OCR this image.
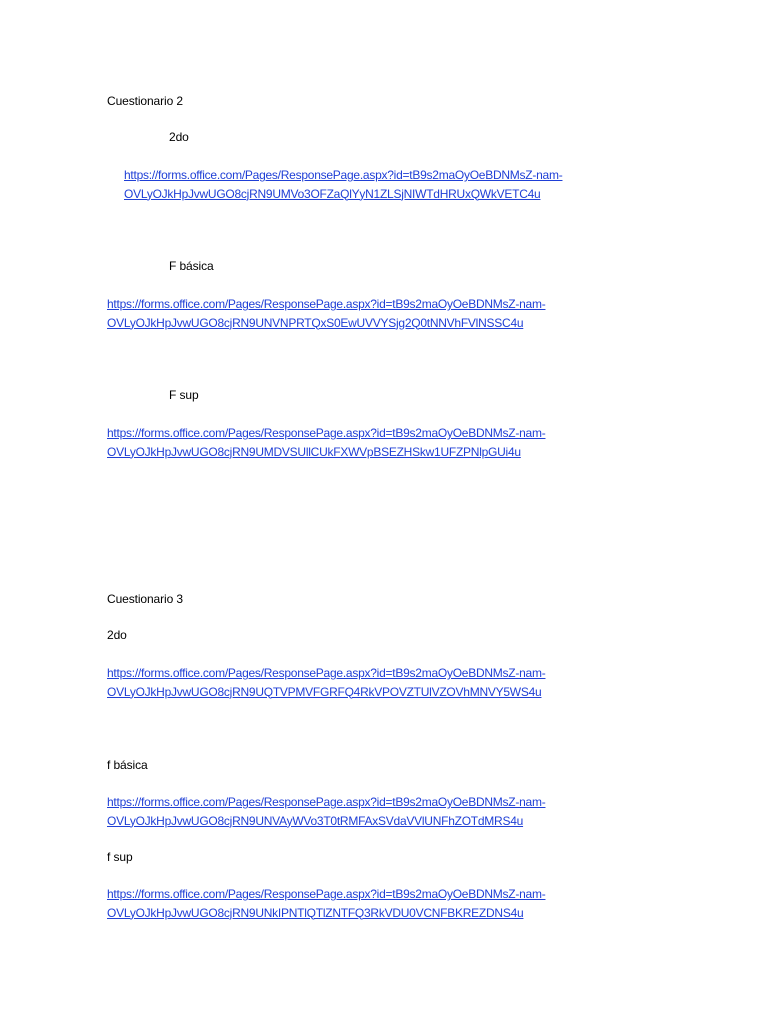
Cuestionario 2
2do
https://forms.office.com/Pages/ResponsePage.aspx?id=tB9s2maOyOeBDNMsZ-nam-
OVLyOJkHpJvwUGO8cjRN9UMVo3OFZaQlYyN1ZLSjNIWTdHRUxQWkVETC4u
F básica
https://forms.office.com/Pages/ResponsePage.aspx?id=tB9s2maOyOeBDNMsZ-nam-
OVLyOJkHpJvwUGO8cjRN9UNVNPRTQxS0EwUVVYSjg2Q0tNNVhFVlNSSC4u
F sup
https://forms.office.com/Pages/ResponsePage.aspx?id=tB9s2maOyOeBDNMsZ-nam-
OVLyOJkHpJvwUGO8cjRN9UMDVSUllCUkFXWVpBSEZHSkw1UFZPNlpGUi4u
Cuestionario 3
2do
https://forms.office.com/Pages/ResponsePage.aspx?id=tB9s2maOyOeBDNMsZ-nam-
OVLyOJkHpJvwUGO8cjRN9UQTVPMVFGRFQ4RkVPOVZTUlVZOVhMNVY5WS4u
f básica
https://forms.office.com/Pages/ResponsePage.aspx?id=tB9s2maOyOeBDNMsZ-nam-
OVLyOJkHpJvwUGO8cjRN9UNVAyWVo3T0tRMFAxSVdaVVlUNFhZOTdMRS4u
f sup
https://forms.office.com/Pages/ResponsePage.aspx?id=tB9s2maOyOeBDNMsZ-nam-
OVLyOJkHpJvwUGO8cjRN9UNkIPNTlQTlZNTFQ3RkVDU0VCNFBKREZDNS4u
